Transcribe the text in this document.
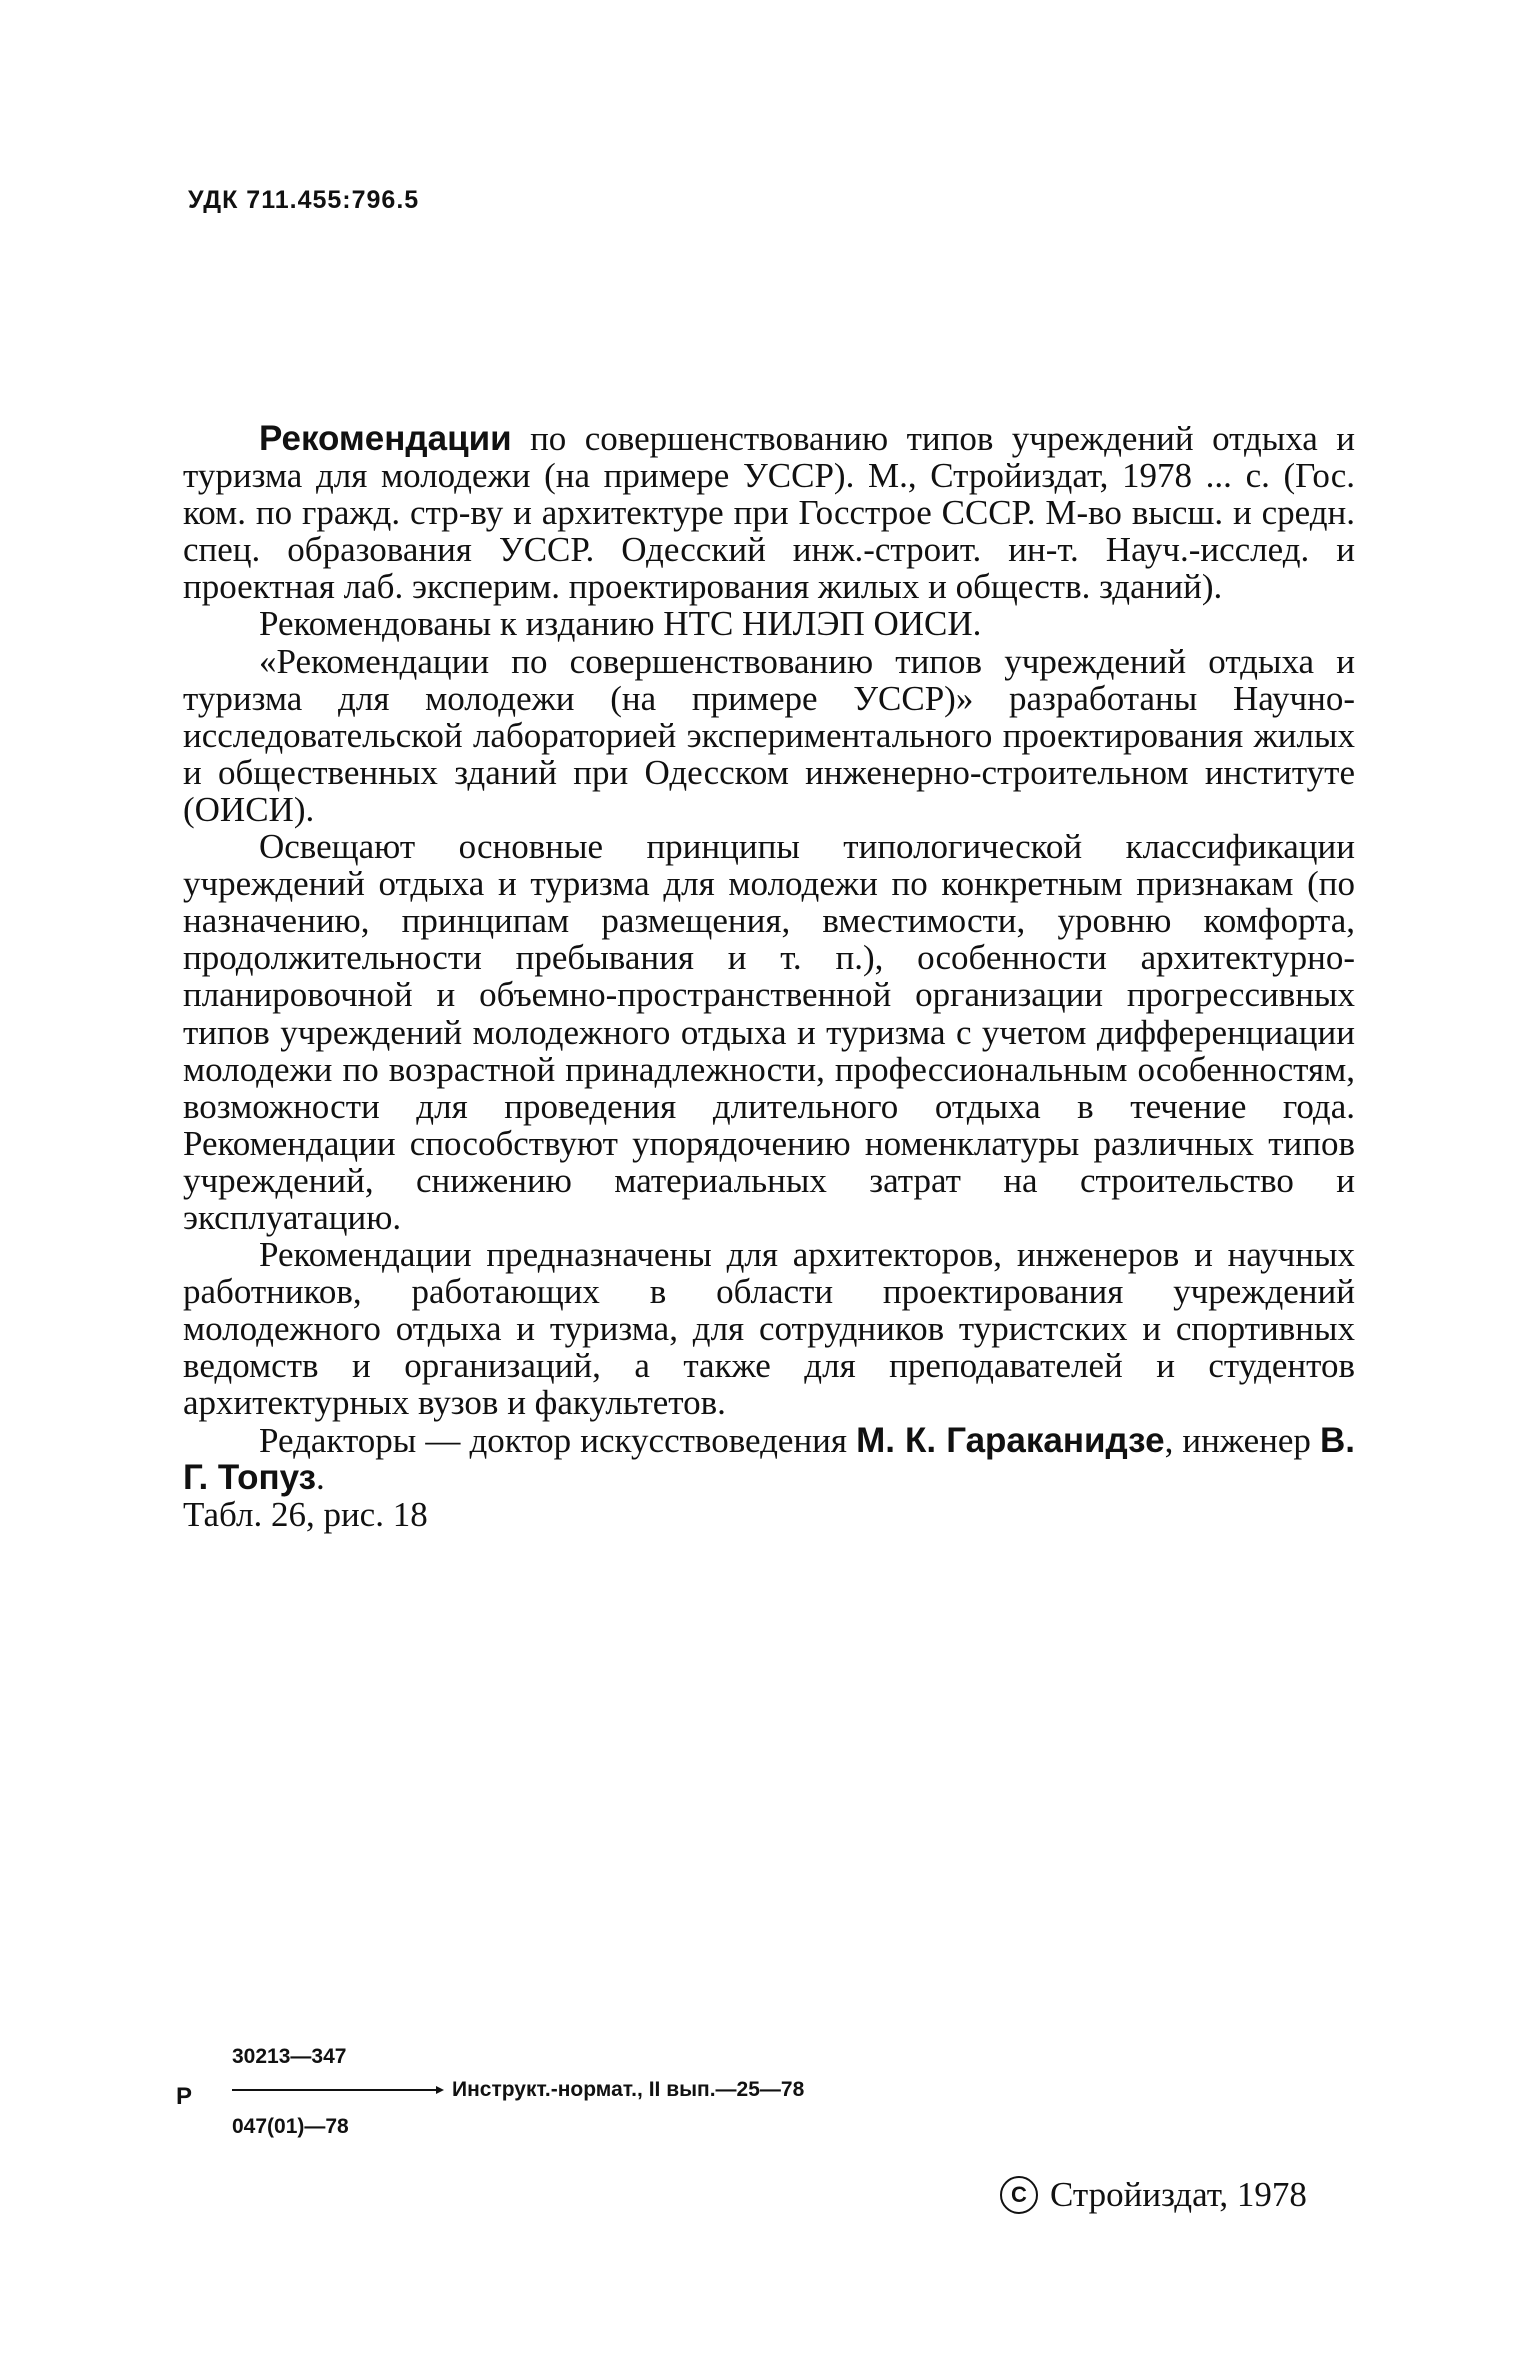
УДК 711.455:796.5

Рекомендации по совершенствованию типов учреждений отдыха и туризма для молодежи (на примере УССР). М., Стройиздат, 1978 ... с. (Гос. ком. по гражд. стр-ву и архитектуре при Госстрое СССР. М-во высш. и средн. спец. образования УССР. Одесский инж.-строит. ин-т. Науч.-исслед. и проектная лаб. эксперим. проектирования жилых и обществ. зданий).

Рекомендованы к изданию НТС НИЛЭП ОИСИ.

«Рекомендации по совершенствованию типов учреждений отдыха и туризма для молодежи (на примере УССР)» разработаны Научно-исследовательской лабораторией экспериментального проектирования жилых и общественных зданий при Одесском инженерно-строительном институте (ОИСИ).

Освещают основные принципы типологической классификации учреждений отдыха и туризма для молодежи по конкретным признакам (по назначению, принципам размещения, вместимости, уровню комфорта, продолжительности пребывания и т. п.), особенности архитектурно-планировочной и объемно-пространственной организации прогрессивных типов учреждений молодежного отдыха и туризма с учетом дифференциации молодежи по возрастной принадлежности, профессиональным особенностям, возможности для проведения длительного отдыха в течение года. Рекомендации способствуют упорядочению номенклатуры различных типов учреждений, снижению материальных затрат на строительство и эксплуатацию.

Рекомендации предназначены для архитекторов, инженеров и научных работников, работающих в области проектирования учреждений молодежного отдыха и туризма, для сотрудников туристских и спортивных ведомств и организаций, а также для преподавателей и студентов архитектурных вузов и факультетов.

Редакторы — доктор искусствоведения М. К. Гараканидзе, инженер В. Г. Топуз.

Табл. 26, рис. 18

Р
30213—347
047(01)—78
Инструкт.-нормат., II вып.—25—78
С Стройиздат, 1978
